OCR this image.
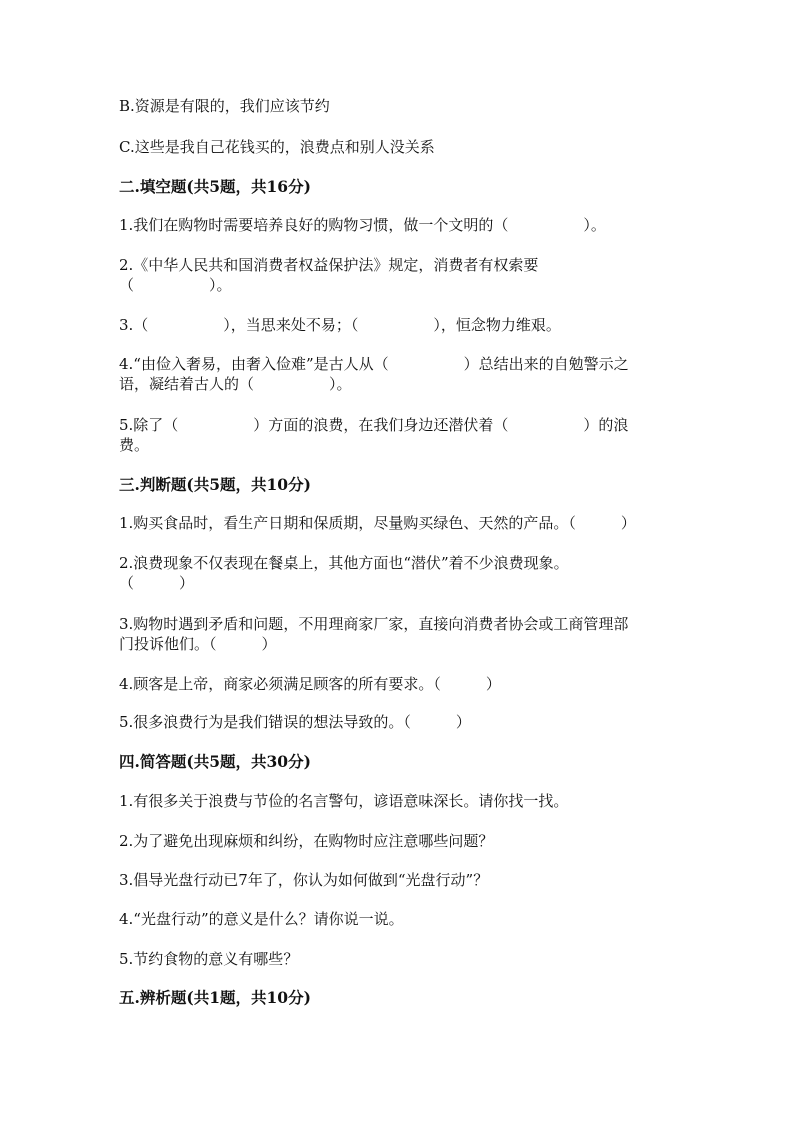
B.资源是有限的，我们应该节约
C.这些是我自己花钱买的，浪费点和别人没关系
二.填空题(共5题，共16分)
1.我们在购物时需要培养良好的购物习惯，做一个文明的（　　　　　）。
2.《中华人民共和国消费者权益保护法》规定，消费者有权索要
（　　　　　）。
3.（　　　　　），当思来处不易；（　　　　　），恒念物力维艰。
4.“由俭入奢易，由奢入俭难”是古人从（　　　　　）总结出来的自勉警示之
语，凝结着古人的（　　　　　）。
5.除了（　　　　　）方面的浪费，在我们身边还潜伏着（　　　　　）的浪
费。
三.判断题(共5题，共10分)
1.购买食品时，看生产日期和保质期，尽量购买绿色、天然的产品。（　　　）
2.浪费现象不仅表现在餐桌上，其他方面也“潜伏”着不少浪费现象。
（　　　）
3.购物时遇到矛盾和问题，不用理商家厂家，直接向消费者协会或工商管理部
门投诉他们。（　　　）
4.顾客是上帝，商家必须满足顾客的所有要求。（　　　）
5.很多浪费行为是我们错误的想法导致的。（　　　）
四.简答题(共5题，共30分)
1.有很多关于浪费与节俭的名言警句，谚语意味深长。请你找一找。
2.为了避免出现麻烦和纠纷，在购物时应注意哪些问题？
3.倡导光盘行动已7年了，你认为如何做到“光盘行动”？
4.“光盘行动”的意义是什么？请你说一说。
5.节约食物的意义有哪些？
五.辨析题(共1题，共10分)
